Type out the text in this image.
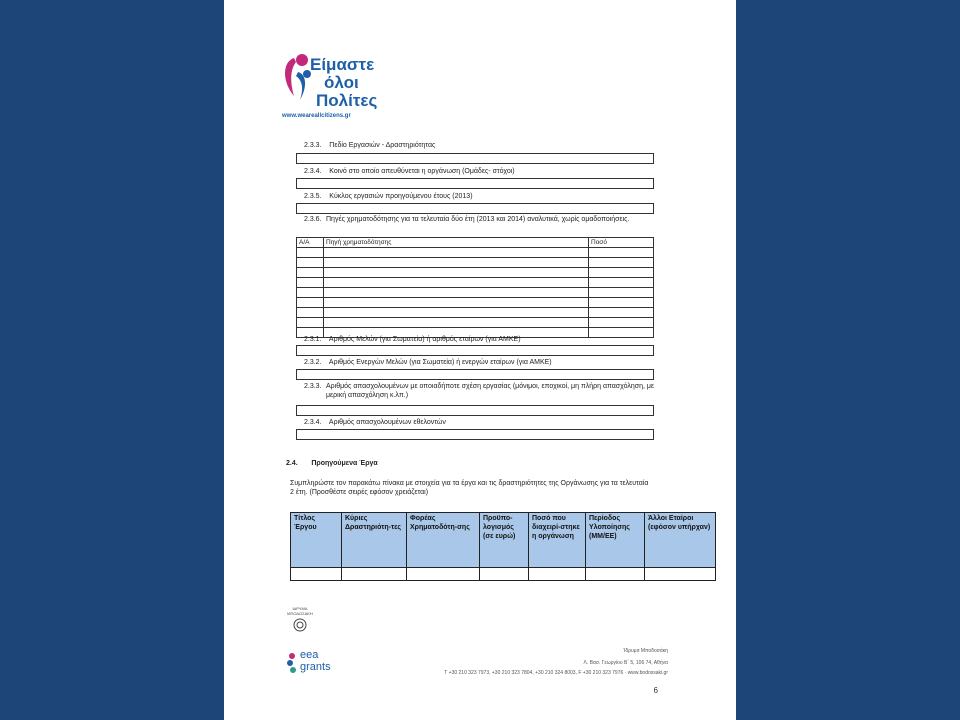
Είμαστε
όλοι
Πολίτες
www.weareallcitizens.gr
2.3.3. Πεδίο Εργασιών - Δραστηριότητας
2.3.4. Κοινό στο οποίο απευθύνεται η οργάνωση (Ομάδες- στόχοι)
2.3.5. Κύκλος εργασιών προηγούμενου έτους (2013)
2.3.6. Πηγές χρηματοδότησης για τα τελευταία δύο έτη (2013 και 2014) αναλυτικά, χωρίς ομαδοποιήσεις.
Α/Α	Πηγή χρηματοδότησης	Ποσό

2.3.1. Αριθμός Μελών (για Σωματεία) ή αριθμός εταίρων (για ΑΜΚΕ)
2.3.2. Αριθμός Ενεργών Μελών (για Σωματεία) ή ενεργών εταίρων (για ΑΜΚΕ)
2.3.3. Αριθμός απασχολουμένων με οποιαδήποτε σχέση εργασίας (μόνιμοι, εποχικοί, μη πλήρη απασχόληση, με μερική απασχόληση κ.λπ.)
2.3.4. Αριθμός απασχολουμένων εθελοντών
2.4. Προηγούμενα Έργα
Συμπληρώστε τον παρακάτω πίνακα με στοιχεία για τα έργα και τις δραστηριότητες της Οργάνωσης για τα τελευταία 2 έτη. (Προσθέστε σειρές εφόσον χρειάζεται)
Τίτλος Έργου	Κύριες Δραστηριότη-τες	Φορέας Χρηματοδότη-σης	Προϋπο-λογισμός (σε ευρώ)	Ποσό που διαχειρί-στηκε η οργάνωση	Περίοδος Υλοποίησης (ΜΜ/ΕΕ)	Άλλοι Εταίροι (εφόσον υπήρχαν)

ΙΔΡΥΜΑ ΜΠΟΔΟΣΑΚΗ
eea
grants
Ίδρυμα Μποδοσάκη
Λ. Βασ. Γεωργίου Β΄ 5, 106 74, Αθήνα
T +30 210 323 7973, +30 210 323 7804, +30 210 324 8003, F +30 210 323 7976 · www.bodossaki.gr
6
